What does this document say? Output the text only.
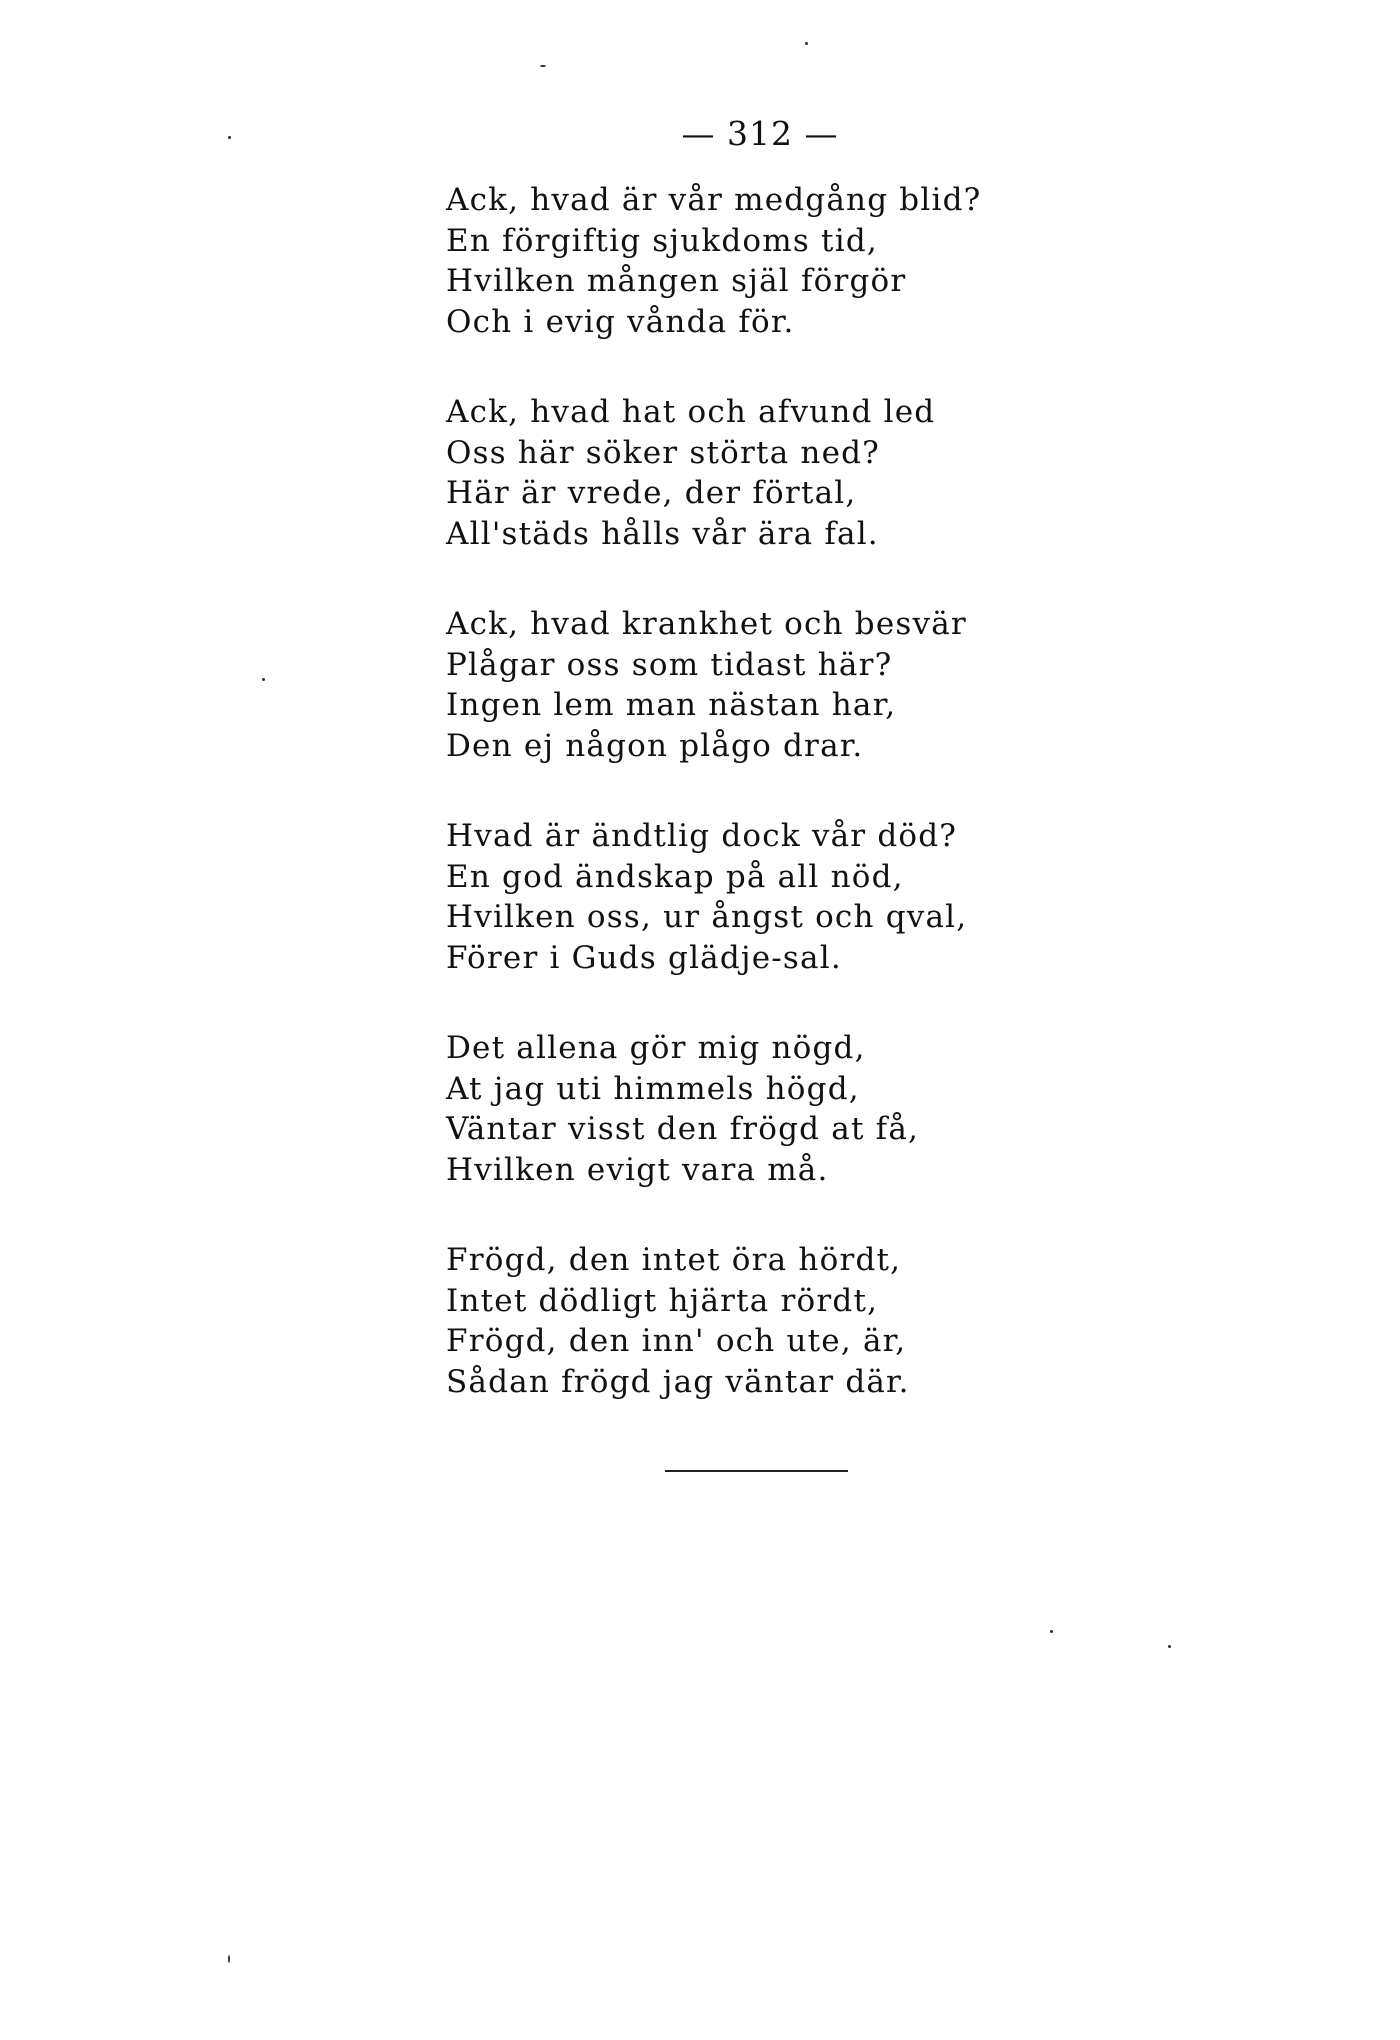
— 312 —
Ack, hvad är vår medgång blid?
En förgiftig sjukdoms tid,
Hvilken mången själ förgör
Och i evig vånda för.
Ack, hvad hat och afvund led
Oss här söker störta ned?
Här är vrede, der förtal,
All'städs hålls vår ära fal.
Ack, hvad krankhet och besvär
Plågar oss som tidast här?
Ingen lem man nästan har,
Den ej någon plågo drar.
Hvad är ändtlig dock vår död?
En god ändskap på all nöd,
Hvilken oss, ur ångst och qval,
Förer i Guds glädje-sal.
Det allena gör mig nögd,
At jag uti himmels högd,
Väntar visst den frögd at få,
Hvilken evigt vara må.
Frögd, den intet öra hördt,
Intet dödligt hjärta rördt,
Frögd, den inn' och ute, är,
Sådan frögd jag väntar där.
